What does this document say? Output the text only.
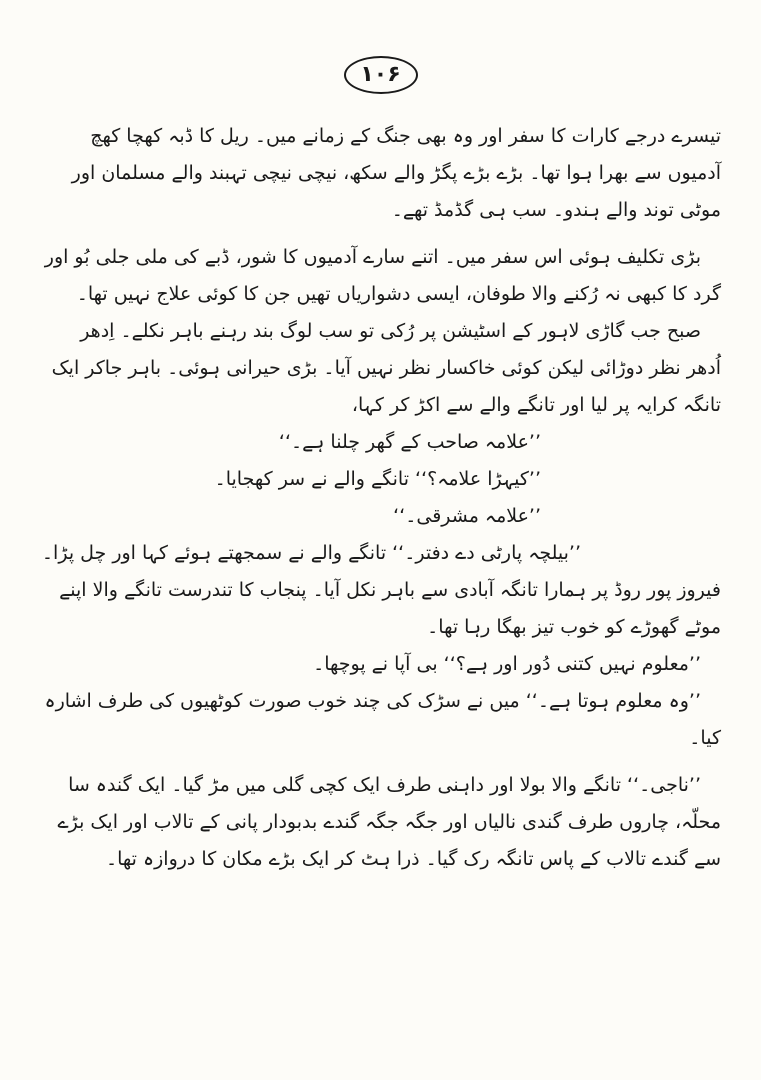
۱۰۶

تیسرے درجے کارات کا سفر اور وہ بھی جنگ کے زمانے میں۔ ریل کا ڈبہ کھچا کھچ آدمیوں سے بھرا ہوا تھا۔ بڑے بڑے پگڑ والے سکھ، نیچی نیچی تہبند والے مسلمان اور موٹی توند والے ہندو۔ سب ہی گڈمڈ تھے۔

بڑی تکلیف ہوئی اس سفر میں۔ اتنے سارے آدمیوں کا شور، ڈبے کی ملی جلی بُو اور گرد کا کبھی نہ رُکنے والا طوفان، ایسی دشواریاں تھیں جن کا کوئی علاج نہیں تھا۔

صبح جب گاڑی لاہور کے اسٹیشن پر رُکی تو سب لوگ بند رہنے باہر نکلے۔ اِدھر اُدھر نظر دوڑائی لیکن کوئی خاکسار نظر نہیں آیا۔ بڑی حیرانی ہوئی۔ باہر جاکر ایک تانگہ کرایہ پر لیا اور تانگے والے سے اکڑ کر کہا،

’’علامہ صاحب کے گھر چلنا ہے۔‘‘

’’کیہڑا علامہ؟‘‘ تانگے والے نے سر کھجایا۔

’’علامہ مشرقی۔‘‘

’’بیلچہ پارٹی دے دفتر۔‘‘ تانگے والے نے سمجھتے ہوئے کہا اور چل پڑا۔

فیروز پور روڈ پر ہمارا تانگہ آبادی سے باہر نکل آیا۔ پنجاب کا تندرست تانگے والا اپنے موٹے گھوڑے کو خوب تیز بھگا رہا تھا۔

’’معلوم نہیں کتنی دُور اور ہے؟‘‘ بی آپا نے پوچھا۔

’’وہ معلوم ہوتا ہے۔‘‘ میں نے سڑک کی چند خوب صورت کوٹھیوں کی طرف اشارہ کیا۔

’’ناجی۔‘‘ تانگے والا بولا اور داہنی طرف ایک کچی گلی میں مڑ گیا۔ ایک گندہ سا محلّہ، چاروں طرف گندی نالیاں اور جگہ جگہ گندے بدبودار پانی کے تالاب اور ایک بڑے سے گندے تالاب کے پاس تانگہ رک گیا۔ ذرا ہٹ کر ایک بڑے مکان کا دروازہ تھا۔
